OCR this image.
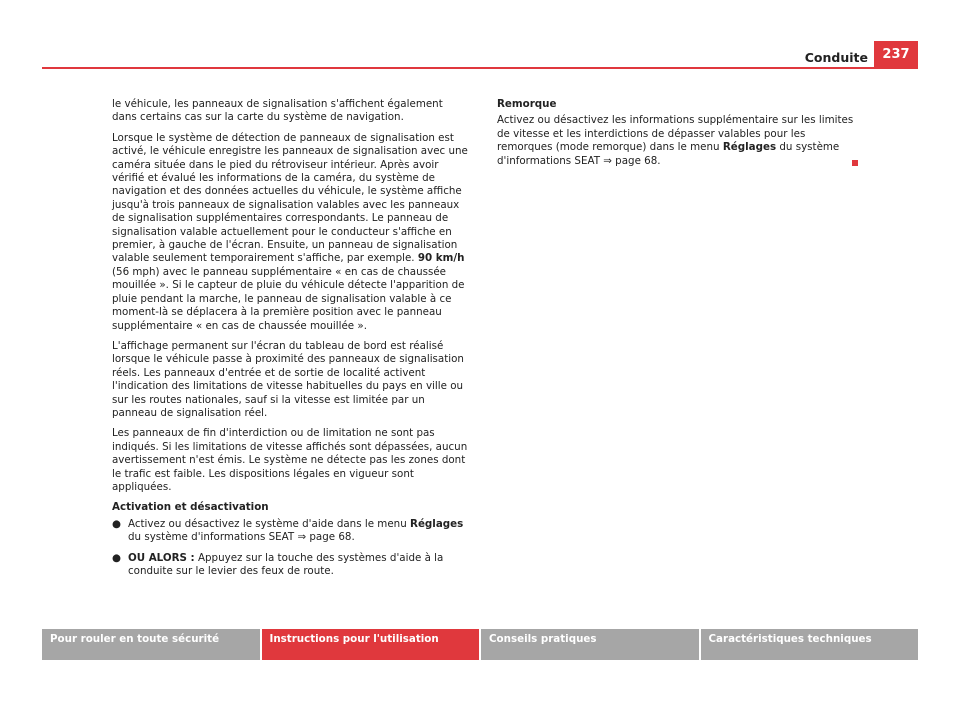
Conduite	237

le véhicule, les panneaux de signalisation s'affichent également dans certains cas sur la carte du système de navigation.

Lorsque le système de détection de panneaux de signalisation est activé, le véhicule enregistre les panneaux de signalisation avec une caméra située dans le pied du rétroviseur intérieur. Après avoir vérifié et évalué les informations de la caméra, du système de navigation et des données actuelles du véhicule, le système affiche jusqu'à trois panneaux de signalisation valables avec les panneaux de signalisation supplémentaires correspondants. Le panneau de signalisation valable actuellement pour le conducteur s'affiche en premier, à gauche de l'écran. Ensuite, un panneau de signalisation valable seulement temporairement s'affiche, par exemple. 90 km/h (56 mph) avec le panneau supplémentaire « en cas de chaussée mouillée ». Si le capteur de pluie du véhicule détecte l'apparition de pluie pendant la marche, le panneau de signalisation valable à ce moment-là se déplacera à la première position avec le panneau supplémentaire « en cas de chaussée mouillée ».

L'affichage permanent sur l'écran du tableau de bord est réalisé lorsque le véhicule passe à proximité des panneaux de signalisation réels. Les panneaux d'entrée et de sortie de localité activent l'indication des limitations de vitesse habituelles du pays en ville ou sur les routes nationales, sauf si la vitesse est limitée par un panneau de signalisation réel.

Les panneaux de fin d'interdiction ou de limitation ne sont pas indiqués. Si les limitations de vitesse affichés sont dépassées, aucun avertissement n'est émis. Le système ne détecte pas les zones dont le trafic est faible. Les dispositions légales en vigueur sont appliquées.

Activation et désactivation
● Activez ou désactivez le système d'aide dans le menu Réglages du système d'informations SEAT ⇒ page 68.
● OU ALORS : Appuyez sur la touche des systèmes d'aide à la conduite sur le levier des feux de route.
Remorque

Activez ou désactivez les informations supplémentaire sur les limites de vitesse et les interdictions de dépasser valables pour les remorques (mode remorque) dans le menu Réglages du système d'informations SEAT ⇒ page 68.

Pour rouler en toute sécurité	Instructions pour l'utilisation	Conseils pratiques	Caractéristiques techniques
